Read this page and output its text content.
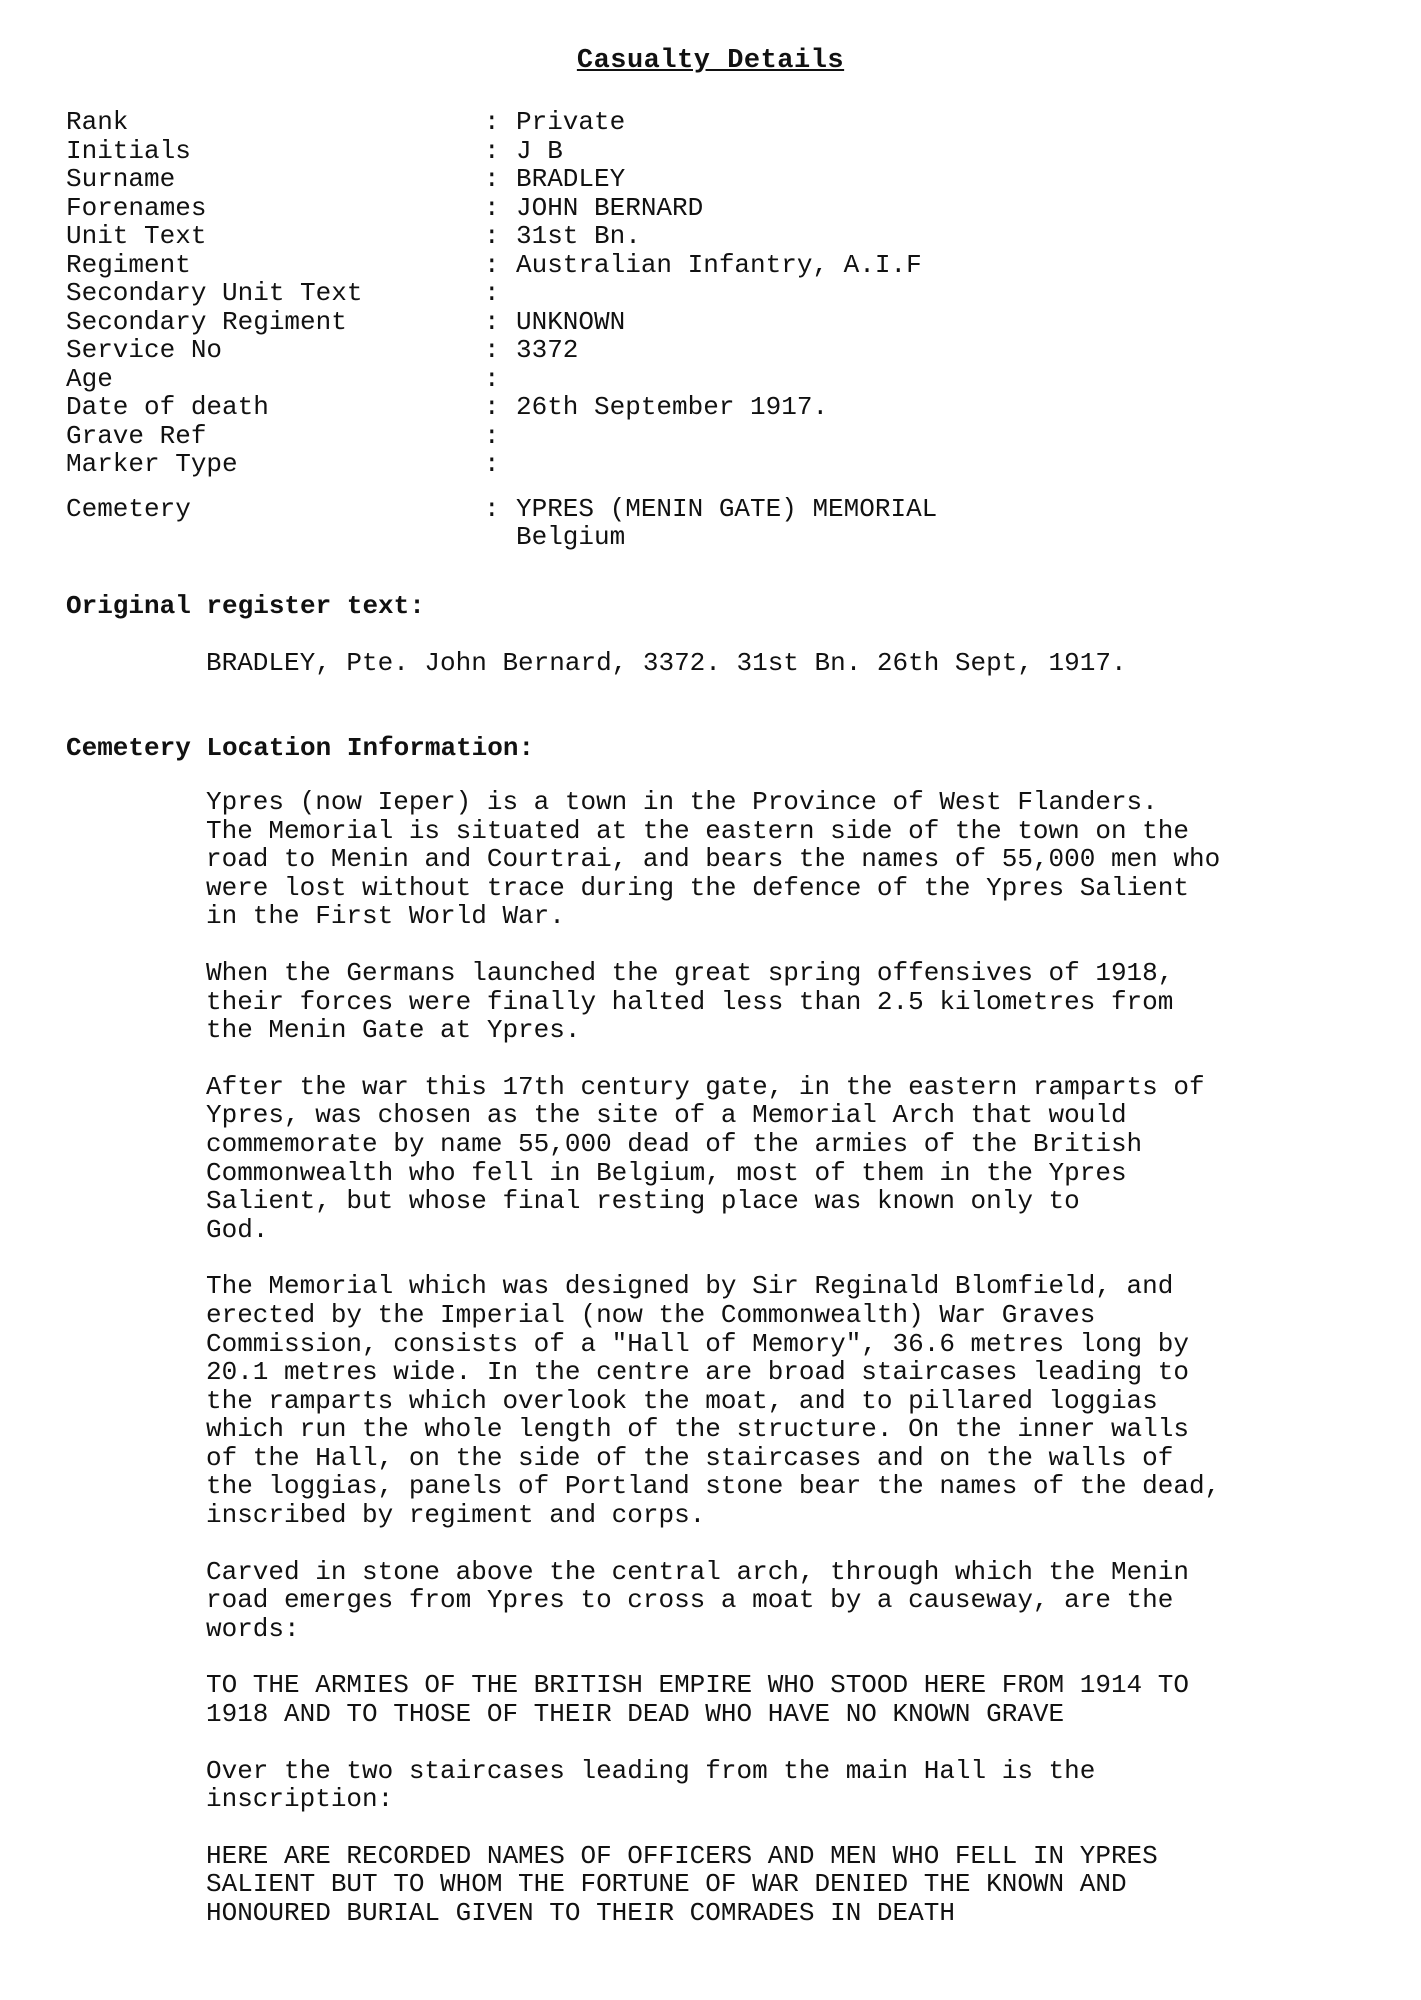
Casualty Details
Rank	: Private
Initials	: J B
Surname	: BRADLEY
Forenames	: JOHN BERNARD
Unit Text	: 31st Bn.
Regiment	: Australian Infantry, A.I.F
Secondary Unit Text	:
Secondary Regiment	: UNKNOWN
Service No	: 3372
Age	:
Date of death	: 26th September 1917.
Grave Ref	:
Marker Type	:
Cemetery	: YPRES (MENIN GATE) MEMORIAL
Belgium
Original register text:
BRADLEY, Pte. John Bernard, 3372. 31st Bn. 26th Sept, 1917.
Cemetery Location Information:

Ypres (now Ieper) is a town in the Province of West Flanders.
The Memorial is situated at the eastern side of the town on the
road to Menin and Courtrai, and bears the names of 55,000 men who
were lost without trace during the defence of the Ypres Salient
in the First World War.

When the Germans launched the great spring offensives of 1918,
their forces were finally halted less than 2.5 kilometres from
the Menin Gate at Ypres.

After the war this 17th century gate, in the eastern ramparts of
Ypres, was chosen as the site of a Memorial Arch that would
commemorate by name 55,000 dead of the armies of the British
Commonwealth who fell in Belgium, most of them in the Ypres
Salient, but whose final resting place was known only to
God.

The Memorial which was designed by Sir Reginald Blomfield, and
erected by the Imperial (now the Commonwealth) War Graves
Commission, consists of a "Hall of Memory", 36.6 metres long by
20.1 metres wide. In the centre are broad staircases leading to
the ramparts which overlook the moat, and to pillared loggias
which run the whole length of the structure. On the inner walls
of the Hall, on the side of the staircases and on the walls of
the loggias, panels of Portland stone bear the names of the dead,
inscribed by regiment and corps.

Carved in stone above the central arch, through which the Menin
road emerges from Ypres to cross a moat by a causeway, are the
words:

TO THE ARMIES OF THE BRITISH EMPIRE WHO STOOD HERE FROM 1914 TO
1918 AND TO THOSE OF THEIR DEAD WHO HAVE NO KNOWN GRAVE

Over the two staircases leading from the main Hall is the
inscription:

HERE ARE RECORDED NAMES OF OFFICERS AND MEN WHO FELL IN YPRES
SALIENT BUT TO WHOM THE FORTUNE OF WAR DENIED THE KNOWN AND
HONOURED BURIAL GIVEN TO THEIR COMRADES IN DEATH
